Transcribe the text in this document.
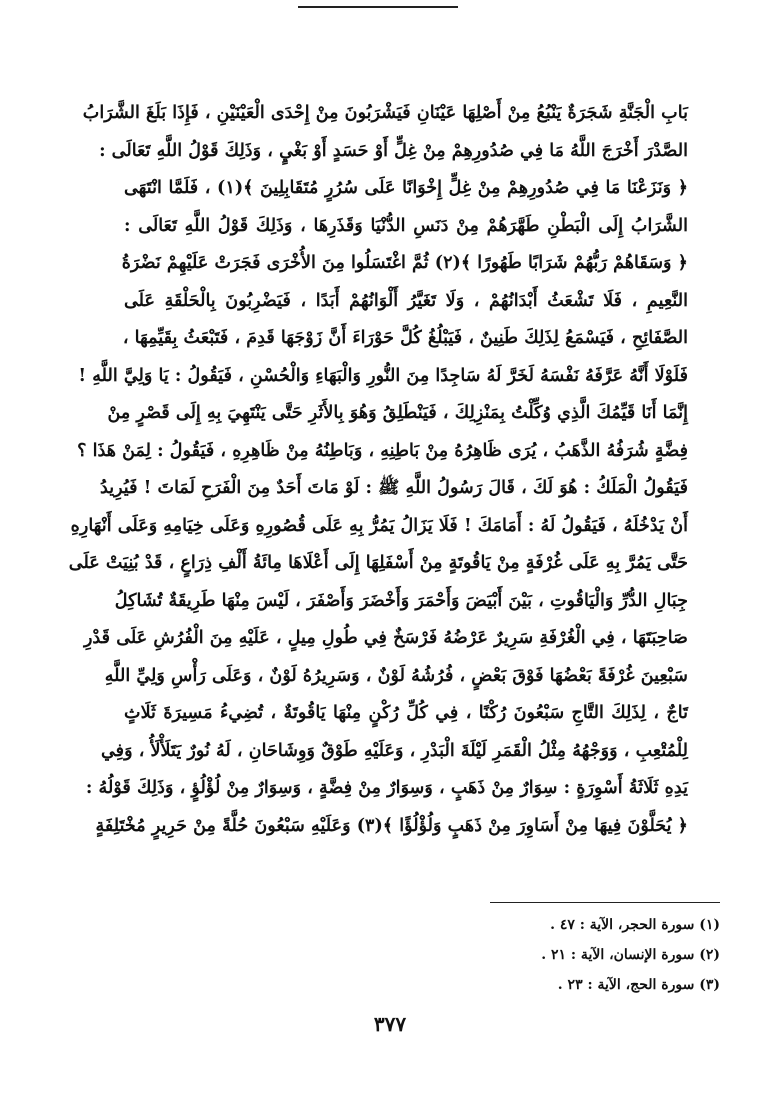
بَابِ الْجَنَّةِ شَجَرَةٌ يَنْبُعُ مِنْ أَصْلِهَا عَيْنَانِ فَيَشْرَبُونَ مِنْ إِحْدَى الْعَيْنَيْنِ ، فَإِذَا بَلَغَ الشَّرَابُ
الصَّدْرَ أَخْرَجَ اللَّهُ مَا فِي صُدُورِهِمْ مِنْ غِلٍّ أَوْ حَسَدٍ أَوْ بَغْيٍ ، وَذَلِكَ قَوْلُ اللَّهِ تَعَالَى :
﴿ وَنَزَعْنَا مَا فِي صُدُورِهِمْ مِنْ غِلٍّ إِخْوَانًا عَلَى سُرُرٍ مُتَقَابِلِينَ ﴾(١) ، فَلَمَّا انْتَهَى
الشَّرَابُ إِلَى الْبَطْنِ طَهَّرَهُمْ مِنْ دَنَسِ الدُّنْيَا وَقَذَرِهَا ، وَذَلِكَ قَوْلُ اللَّهِ تَعَالَى :
﴿ وَسَقَاهُمْ رَبُّهُمْ شَرَابًا طَهُورًا ﴾(٢) ثُمَّ اغْتَسَلُوا مِنَ الأُخْرَى فَجَرَتْ عَلَيْهِمْ نَضْرَةُ
النَّعِيمِ ، فَلَا تَشْعَثُ أَبْدَانُهُمْ ، وَلَا تَغَيَّرُ أَلْوَانُهُمْ أَبَدًا ، فَيَضْرِبُونَ بِالْحَلْقَةِ عَلَى
الصَّفَائِحِ ، فَيَسْمَعُ لِذَلِكَ طَنِينٌ ، فَيَبْلُغُ كُلَّ حَوْرَاءَ أَنَّ زَوْجَهَا قَدِمَ ، فَتَبْعَثُ بِقَيِّمِهَا ،
فَلَوْلَا أَنَّهُ عَرَّفَهُ نَفْسَهُ لَخَرَّ لَهُ سَاجِدًا مِنَ النُّورِ وَالْبَهَاءِ وَالْحُسْنِ ، فَيَقُولُ : يَا وَلِيَّ اللَّهِ !
إِنَّمَا أَنَا قَيِّمُكَ الَّذِي وُكِّلْتُ بِمَنْزِلِكَ ، فَيَنْطَلِقُ وَهُوَ بِالأَثَرِ حَتَّى يَنْتَهِيَ بِهِ إِلَى قَصْرٍ مِنْ
فِضَّةٍ شُرَفُهُ الذَّهَبُ ، يُرَى ظَاهِرُهُ مِنْ بَاطِنِهِ ، وَبَاطِنُهُ مِنْ ظَاهِرِهِ ، فَيَقُولُ : لِمَنْ هَذَا ؟
فَيَقُولُ الْمَلَكُ : هُوَ لَكَ ، قَالَ رَسُولُ اللَّهِ ﷺ : لَوْ مَاتَ أَحَدٌ مِنَ الْفَرَحِ لَمَاتَ ! فَيُرِيدُ
أَنْ يَدْخُلَهُ ، فَيَقُولُ لَهُ : أَمَامَكَ ! فَلَا يَزَالُ يَمُرُّ بِهِ عَلَى قُصُورِهِ وَعَلَى خِيَامِهِ وَعَلَى أَنْهَارِهِ
حَتَّى يَمُرَّ بِهِ عَلَى غُرْفَةٍ مِنْ يَاقُوتَةٍ مِنْ أَسْفَلِهَا إِلَى أَعْلَاهَا مِائَةُ أَلْفِ ذِرَاعٍ ، قَدْ بُنِيَتْ عَلَى
جِبَالِ الدُّرِّ وَالْيَاقُوتِ ، بَيْنَ أَبْيَضَ وَأَحْمَرَ وَأَخْضَرَ وَأَصْفَرَ ، لَيْسَ مِنْهَا طَرِيقَةٌ تُشَاكِلُ
صَاحِبَتَهَا ، فِي الْغُرْفَةِ سَرِيرٌ عَرْضُهُ فَرْسَخٌ فِي طُولِ مِيلٍ ، عَلَيْهِ مِنَ الْفُرُشِ عَلَى قَدْرِ
سَبْعِينَ غُرْفَةً بَعْضُهَا فَوْقَ بَعْضٍ ، فُرُشُهُ لَوْنٌ ، وَسَرِيرُهُ لَوْنٌ ، وَعَلَى رَأْسِ وَلِيِّ اللَّهِ
تَاجٌ ، لِذَلِكَ التَّاجِ سَبْعُونَ رُكْنًا ، فِي كُلِّ رُكْنٍ مِنْهَا يَاقُوتَةٌ ، تُضِيءُ مَسِيرَةَ ثَلَاثٍ
لِلْمُتْعِبِ ، وَوَجْهُهُ مِثْلُ الْقَمَرِ لَيْلَةَ الْبَدْرِ ، وَعَلَيْهِ طَوْقٌ وَوِشَاحَانِ ، لَهُ نُورٌ يَتَلَأْلَأُ ، وَفِي
يَدِهِ ثَلَاثَةُ أَسْوِرَةٍ : سِوَارٌ مِنْ ذَهَبٍ ، وَسِوَارٌ مِنْ فِضَّةٍ ، وَسِوَارٌ مِنْ لُؤْلُؤٍ ، وَذَلِكَ قَوْلُهُ :
﴿ يُحَلَّوْنَ فِيهَا مِنْ أَسَاوِرَ مِنْ ذَهَبٍ وَلُؤْلُؤًا ﴾(٣) وَعَلَيْهِ سَبْعُونَ حُلَّةً مِنْ حَرِيرٍ مُخْتَلِفَةٍ
(١) سورة الحجر، الآية : ٤٧ .
(٢) سورة الإنسان، الآية : ٢١ .
(٣) سورة الحج، الآية : ٢٣ .
٣٧٧
